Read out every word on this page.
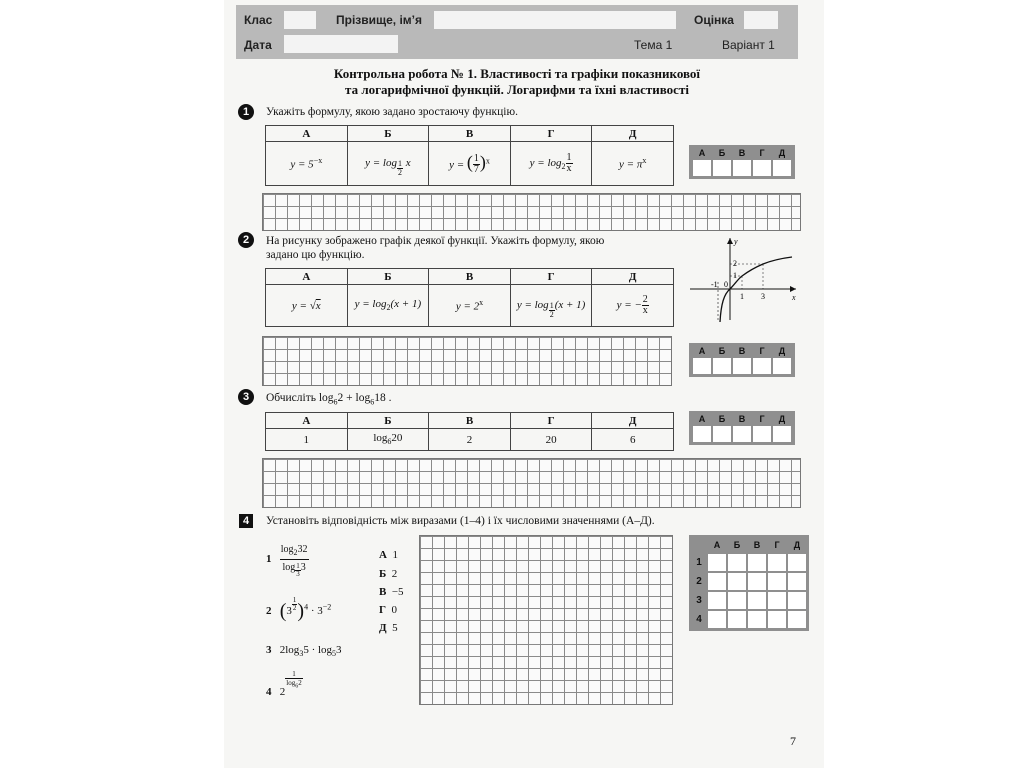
Клас	Прізвище, ім’я	Оцінка
Дата	Тема 1	Варіант 1
Контрольна робота № 1. Властивості та графіки показникової
та логарифмічної функцій. Логарифми та їхні властивості
1	Укажіть формулу, якою задано зростаючу функцію.
А	Б	В	Г	Д
$y = 5^{-x}$	$y = \log \frac{1}{2}$ x	y = ( $\frac{1}{7} )^x$	$y = \log_2 \frac{1}{x}$	$y = \pi^x$
А	Б	В	Г	Д
2	На рисунку зображено графік деякої функції. Укажіть формулу, якою
задано цю функцію.
А	Б	В	Г	Д
y = √x	$y = \log_2(x + 1)$	$y = 2^x$	$y = \log \frac{1}{2} (x + 1)$	y = − $\frac{2}{x}$
y
x
2
1
-1 0
1 3
А	Б	В	Г	Д
3	Обчисліть $\log_62 + \log_618$ .
А	Б	В	Г	Д
1	$\log_620$	2	20	6
А	Б	В	Г	Д
4	Установіть відповідність між виразами (1–4) і їх числовими значеннями (А–Д).
$1 \frac{\log_232}{\log \frac{1}{3} 3}$
2 $(3 \frac{1}{2} )^4 \cdot 3^{-2}$
3 $2\log_35 \cdot \log_53$
4 2
$\frac{1}{\log_62}$
А 1
Б 2
В −5
Г 0
Д 5
А	Б	В	Г	Д
1
2
3
4
7
